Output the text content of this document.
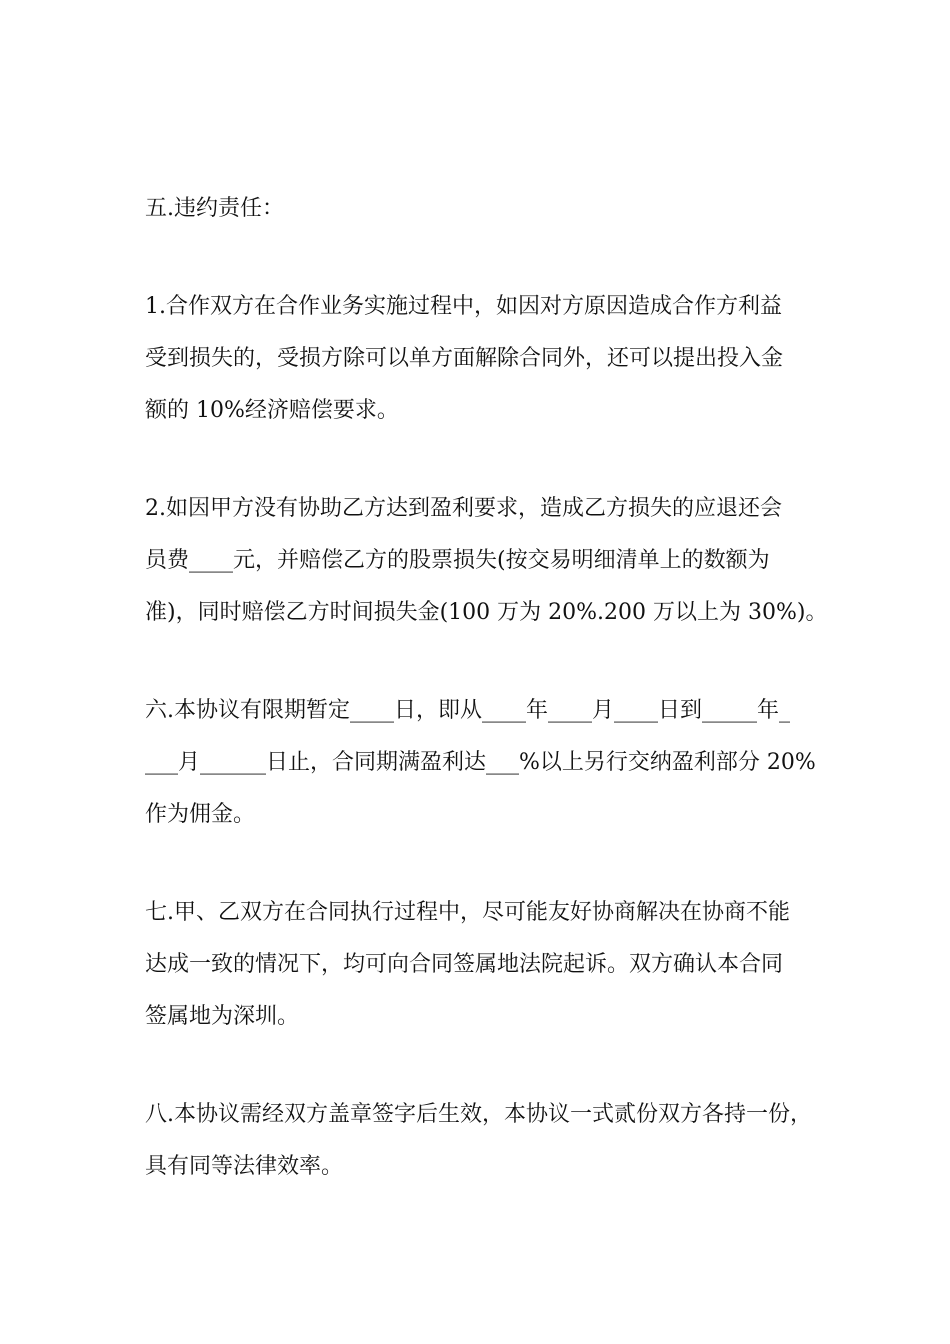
五.违约责任：

1.合作双方在合作业务实施过程中，如因对方原因造成合作方利益

受到损失的，受损方除可以单方面解除合同外，还可以提出投入金

额的 10%经济赔偿要求。

2.如因甲方没有协助乙方达到盈利要求，造成乙方损失的应退还会

员费____元，并赔偿乙方的股票损失(按交易明细清单上的数额为

准)，同时赔偿乙方时间损失金(100 万为 20%.200 万以上为 30%)。

六.本协议有限期暂定____日，即从____年____月____日到_____年_

___月______日止，合同期满盈利达___%以上另行交纳盈利部分 20%

作为佣金。

七.甲、乙双方在合同执行过程中，尽可能友好协商解决在协商不能

达成一致的情况下，均可向合同签属地法院起诉。双方确认本合同

签属地为深圳。

八.本协议需经双方盖章签字后生效，本协议一式贰份双方各持一份，

具有同等法律效率。
